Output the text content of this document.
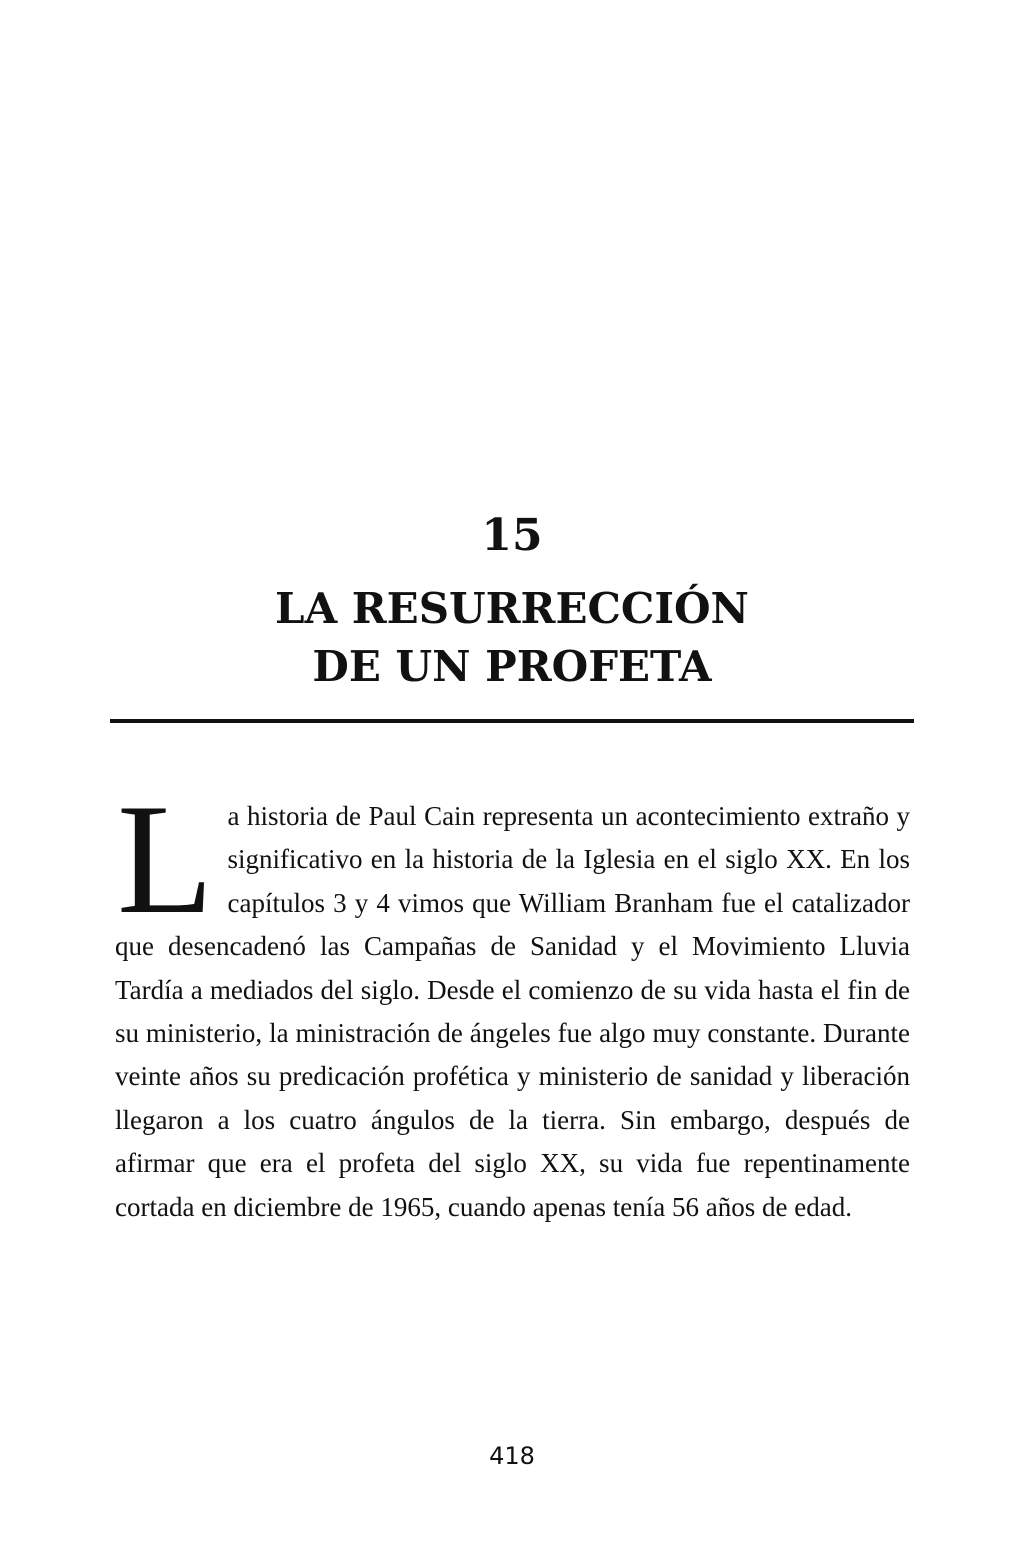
15
LA RESURRECCIÓN
DE UN PROFETA

La historia de Paul Cain representa un acontecimiento extraño y significativo en la historia de la Iglesia en el siglo XX. En los capítulos 3 y 4 vimos que William Branham fue el catalizador que desencadenó las Campañas de Sanidad y el Movimiento Lluvia Tardía a mediados del siglo. Desde el comienzo de su vida hasta el fin de su ministerio, la ministración de ángeles fue algo muy constante. Durante veinte años su predicación profética y ministerio de sanidad y liberación llegaron a los cuatro ángulos de la tierra. Sin embargo, después de afirmar que era el profeta del siglo XX, su vida fue repentinamente cortada en diciembre de 1965, cuando apenas tenía 56 años de edad.

418
